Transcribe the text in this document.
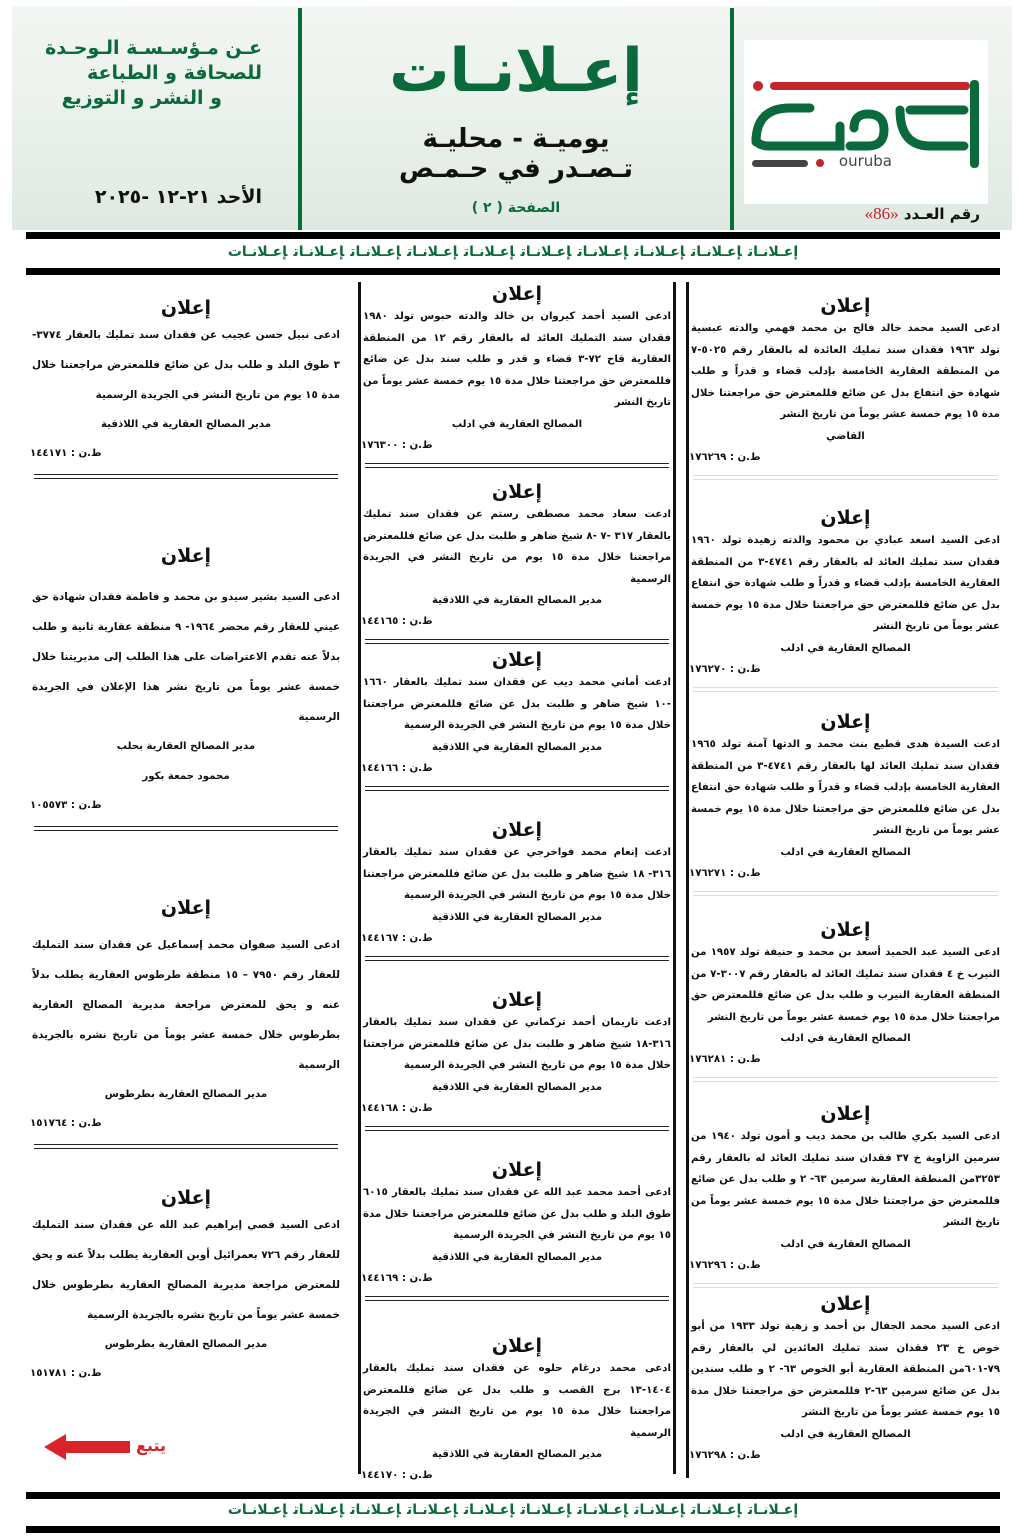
عـن مـؤسـسـة الـوحـدة
للصحافة و الطباعة
و النشر و التوزيع
الأحد ٢١-١٢ -٢٠٢٥
إعـلانـات
يوميـة - محليـة
تـصـدر في حـمـص
الصفحة ( ٢ )
ouruba
رقم العـدد «86»
إعـلانـاتإعـلانـاتإعـلانـاتإعـلانـاتإعـلانـاتإعـلانـاتإعـلانـاتإعـلانـاتإعـلانـاتإعـلانـات
إعلان
ادعى السيد محمد خالد فالح بن محمد فهمي والدته عبسية تولد ١٩٦٣ فقدان سند تمليك العائدة له بالعقار رقم ٥٠٢٥-٧ من المنطقة العقارية الخامسة بإدلب قضاء و قدراً و طلب شهادة حق انتفاع بدل عن ضائع فللمعترض حق مراجعتنا خلال مدة ١٥ يوم خمسة عشر يوماً من تاريخ النشر
القاضي
ط.ن : ١٧٦٢٦٩
إعلان
ادعى السيد اسعد عبادي بن محمود والدته زهيدة تولد ١٩٦٠ فقدان سند تمليك العائد له بالعقار رقم ٤٧٤١-٣ من المنطقة العقارية الخامسة بإدلب قضاء و قدراً و طلب شهادة حق انتفاع بدل عن ضائع فللمعترض حق مراجعتنا خلال مدة ١٥ يوم خمسة عشر يوماً من تاريخ النشر
المصالح العقارية في ادلب
ط.ن : ١٧٦٢٧٠
إعلان
ادعت السيدة هدى قطيع بنت محمد و الدتها آمنة تولد ١٩٦٥ فقدان سند تمليك العائد لها بالعقار رقم ٤٧٤١-٣ من المنطقة العقارية الخامسة بإدلب قضاء و قدراً و طلب شهادة حق انتفاع بدل عن ضائع فللمعترض حق مراجعتنا خلال مدة ١٥ يوم خمسة عشر يوماً من تاريخ النشر
المصالح العقارية في ادلب
ط.ن : ١٧٦٢٧١
إعلان
ادعى السيد عبد الحميد أسعد بن محمد و حنيفة تولد ١٩٥٧ من النيرب خ ٤ فقدان سند تمليك العائد له بالعقار رقم ٣٠٠٧-٧ من المنطقة العقارية النيرب و طلب بدل عن ضائع فللمعترض حق مراجعتنا خلال مدة ١٥ يوم خمسة عشر يوماً من تاريخ النشر
المصالح العقارية في ادلب
ط.ن : ١٧٦٢٨١
إعلان
ادعى السيد بكري طالب بن محمد ديب و أمون تولد ١٩٤٠ من سرمين الزاوية خ ٣٧ فقدان سند تمليك العائد له بالعقار رقم ٣٢٥٣من المنطقة العقارية سرمين ٦٣- ٢ و طلب بدل عن ضائع فللمعترض حق مراجعتنا خلال مدة ١٥ يوم خمسة عشر يوماً من تاريخ النشر
المصالح العقارية في ادلب
ط.ن : ١٧٦٢٩٦
إعلان
ادعى السيد محمد الجفال بن أحمد و زهية تولد ١٩٣٣ من أبو خوص خ ٢٣ فقدان سند تمليك العائدين لي بالعقار رقم ٧٩-٦٠١من المنطقة العقارية أبو الخوص ٦٣- ٢ و طلب سندين بدل عن ضائع سرمين ٦٣-٢ فللمعترض حق مراجعتنا خلال مدة ١٥ يوم خمسة عشر يوماً من تاريخ النشر
المصالح العقارية في ادلب
ط.ن : ١٧٦٢٩٨
إعلان
ادعى السيد أحمد كيروان بن خالد والدته حبوس تولد ١٩٨٠ فقدان سند التمليك العائد له بالعقار رقم ١٢ من المنطقة العقارية قاح ٧٢-٣ قضاء و قدر و طلب سند بدل عن ضائع فللمعترض حق مراجعتنا خلال مدة ١٥ يوم خمسة عشر يوماً من تاريخ النشر
المصالح العقارية في ادلب
ط.ن : ١٧٦٣٠٠
إعلان
ادعت سعاد محمد مصطفى رستم عن فقدان سند تمليك بالعقار ٣١٧ -٧ -٨ شيخ ضاهر و طلبت بدل عن ضائع فللمعترض مراجعتنا خلال مدة ١٥ يوم من تاريخ النشر في الجريدة الرسمية
مدير المصالح العقارية في اللاذقية
ط.ن : ١٤٤١٦٥
إعلان
ادعت أماني محمد ديب عن فقدان سند تمليك بالعقار ١٦٦٠ -١٠ شيخ ضاهر و طلبت بدل عن ضائع فللمعترض مراجعتنا خلال مدة ١٥ يوم من تاريخ النشر في الجريدة الرسمية
مدير المصالح العقارية في اللاذقية
ط.ن : ١٤٤١٦٦
إعلان
ادعت إنعام محمد فواخرجي عن فقدان سند تمليك بالعقار ٣١٦- ١٨ شيخ ضاهر و طلبت بدل عن ضائع فللمعترض مراجعتنا خلال مدة ١٥ يوم من تاريخ النشر في الجريدة الرسمية
مدير المصالح العقارية في اللاذقية
ط.ن : ١٤٤١٦٧
إعلان
ادعت ناريمان أحمد تركماني عن فقدان سند تمليك بالعقار ٣١٦-١٨ شيخ ضاهر و طلبت بدل عن ضائع فللمعترض مراجعتنا خلال مدة ١٥ يوم من تاريخ النشر في الجريدة الرسمية
مدير المصالح العقارية في اللاذقية
ط.ن : ١٤٤١٦٨
إعلان
ادعى أحمد محمد عبد الله عن فقدان سند تمليك بالعقار ٦٠١٥ طوق البلد و طلب بدل عن ضائع فللمعترض مراجعتنا خلال مدة ١٥ يوم من تاريخ النشر في الجريدة الرسمية
مدير المصالح العقارية في اللاذقية
ط.ن : ١٤٤١٦٩
إعلان
ادعى محمد درغام حلوه عن فقدان سند تمليك بالعقار ١٤٠٤-١٣ برج القصب و طلب بدل عن ضائع فللمعترض مراجعتنا خلال مدة ١٥ يوم من تاريخ النشر في الجريدة الرسمية
مدير المصالح العقارية في اللاذقية
ط.ن : ١٤٤١٧٠
إعلان
ادعى نبيل حسن عجيب عن فقدان سند تمليك بالعقار ٣٧٧٤- ٣ طوق البلد و طلب بدل عن ضائع فللمعترض مراجعتنا خلال مدة ١٥ يوم من تاريخ النشر في الجريدة الرسمية
مدير المصالح العقارية في اللاذقية
ط.ن : ١٤٤١٧١
إعلان
ادعى السيد بشير سيدو بن محمد و فاطمة فقدان شهادة حق عيني للعقار رقم محضر ١٩٦٤- ٩ منطقة عقارية ثانية و طلب بدلاً عنه تقدم الاعتراضات على هذا الطلب إلى مديريتنا خلال خمسة عشر يوماً من تاريخ نشر هذا الإعلان في الجريدة الرسمية
مدير المصالح العقارية بحلب
محمود جمعة بكور
ط.ن : ١٠٥٥٧٣
إعلان
ادعى السيد صفوان محمد إسماعيل عن فقدان سند التمليك للعقار رقم ٧٩٥٠ – ١٥ منطقة طرطوس العقارية يطلب بدلاً عنه و يحق للمعترض مراجعة مديرية المصالح العقارية بطرطوس خلال خمسة عشر يوماً من تاريخ نشره بالجريدة الرسمية
مدير المصالح العقارية بطرطوس
ط.ن : ١٥١٧٦٤
إعلان
ادعى السيد قصي إبراهيم عبد الله عن فقدان سند التمليك للعقار رقم ٧٢٦ بعمرائيل أوبن العقارية يطلب بدلاً عنه و يحق للمعترض مراجعة مديرية المصالح العقارية بطرطوس خلال خمسة عشر يوماً من تاريخ نشره بالجريدة الرسمية
مدير المصالح العقارية بطرطوس
ط.ن : ١٥١٧٨١
يتبع
إعـلانـاتإعـلانـاتإعـلانـاتإعـلانـاتإعـلانـاتإعـلانـاتإعـلانـاتإعـلانـاتإعـلانـاتإعـلانـات
